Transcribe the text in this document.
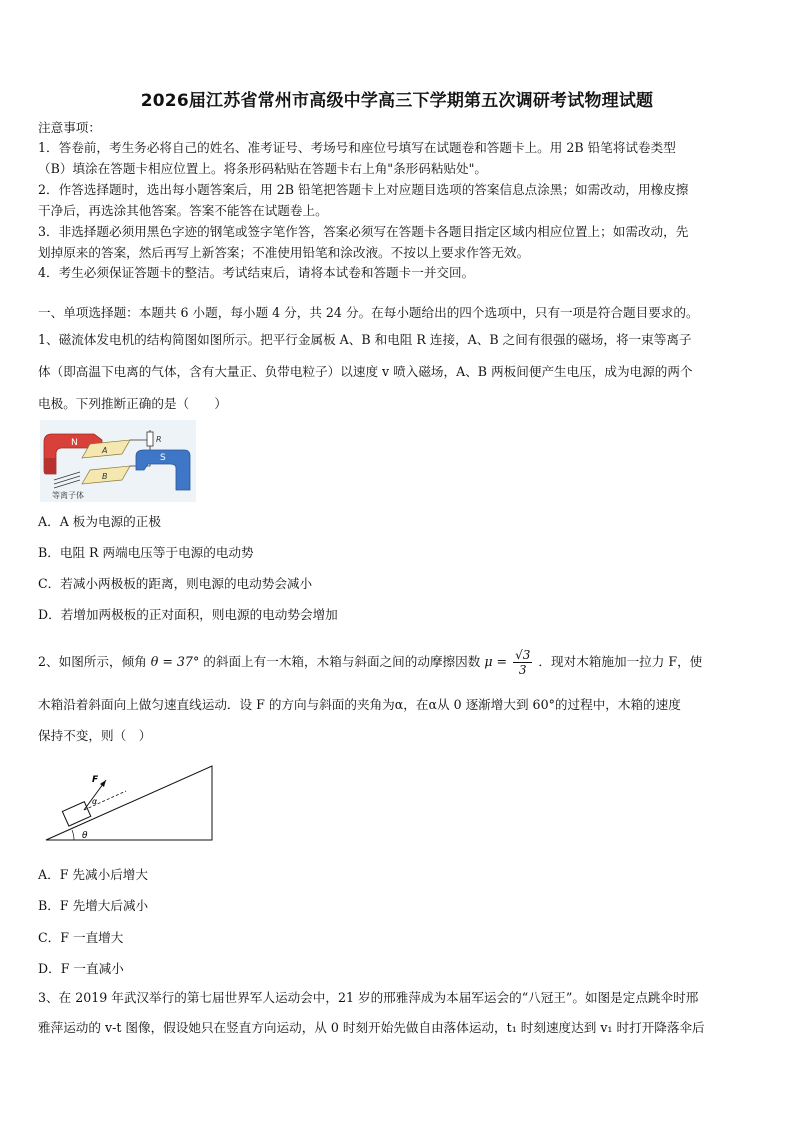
2026届江苏省常州市高级中学高三下学期第五次调研考试物理试题
注意事项：
1．答卷前，考生务必将自己的姓名、准考证号、考场号和座位号填写在试题卷和答题卡上。用 2B 铅笔将试卷类型
（B）填涂在答题卡相应位置上。将条形码粘贴在答题卡右上角"条形码粘贴处"。
2．作答选择题时，选出每小题答案后，用 2B 铅笔把答题卡上对应题目选项的答案信息点涂黑；如需改动，用橡皮擦
干净后，再选涂其他答案。答案不能答在试题卷上。
3．非选择题必须用黑色字迹的钢笔或签字笔作答，答案必须写在答题卡各题目指定区域内相应位置上；如需改动，先
划掉原来的答案，然后再写上新答案；不准使用铅笔和涂改液。不按以上要求作答无效。
4．考生必须保证答题卡的整洁。考试结束后，请将本试卷和答题卡一并交回。
一、单项选择题：本题共 6 小题，每小题 4 分，共 24 分。在每小题给出的四个选项中，只有一项是符合题目要求的。
1、磁流体发电机的结构简图如图所示。把平行金属板 A、B 和电阻 R 连接，A、B 之间有很强的磁场，将一束等离子
体（即高温下电离的气体，含有大量正、负带电粒子）以速度 v 喷入磁场，A、B 两板间便产生电压，成为电源的两个
电极。下列推断正确的是（　　）
N
A
B
R
S
等离子体
A．A 板为电源的正极
B．电阻 R 两端电压等于电源的电动势
C．若减小两极板的距离，则电源的电动势会减小
D．若增加两极板的正对面积，则电源的电动势会增加
2、如图所示，倾角 θ = 37° 的斜面上有一木箱，木箱与斜面之间的动摩擦因数 $\mu = \frac{√3}{3}$ ．现对木箱施加一拉力 F，使
木箱沿着斜面向上做匀速直线运动．设 F 的方向与斜面的夹角为α，在α从 0 逐渐增大到 60°的过程中，木箱的速度
保持不变，则（　）
F
α
θ
A．F 先减小后增大
B．F 先增大后减小
C．F 一直增大
D．F 一直减小
3、在 2019 年武汉举行的第七届世界军人运动会中，21 岁的邢雅萍成为本届军运会的“八冠王”。如图是定点跳伞时邢
雅萍运动的 v-t 图像，假设她只在竖直方向运动，从 0 时刻开始先做自由落体运动，t₁ 时刻速度达到 v₁ 时打开降落伞后
